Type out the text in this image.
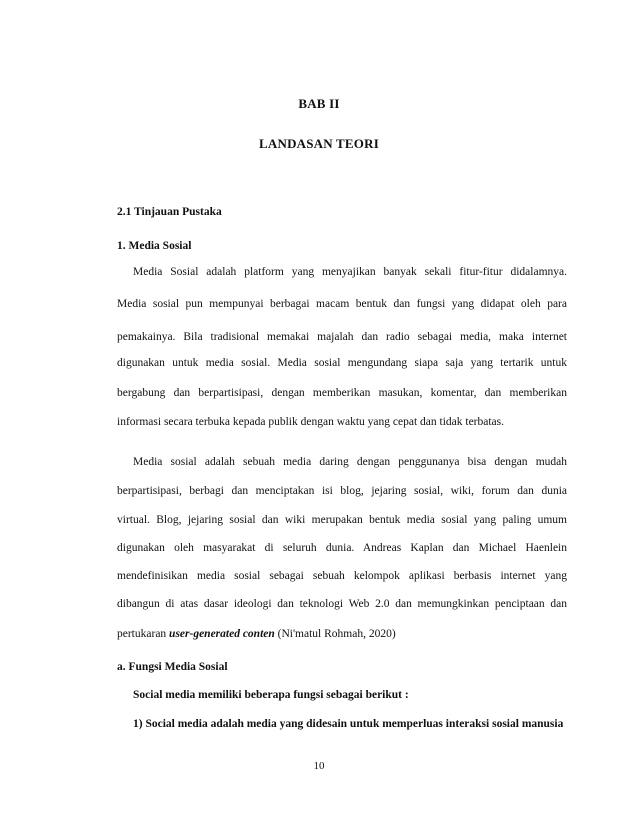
BAB II
LANDASAN TEORI
2.1 Tinjauan Pustaka
1. Media Sosial
Media Sosial adalah platform yang menyajikan banyak sekali fitur-fitur didalamnya.
Media sosial pun mempunyai berbagai macam bentuk dan fungsi yang didapat oleh para
pemakainya. Bila tradisional memakai majalah dan radio sebagai media, maka internet
digunakan untuk media sosial. Media sosial mengundang siapa saja yang tertarik untuk
bergabung dan berpartisipasi, dengan memberikan masukan, komentar, dan memberikan
informasi secara terbuka kepada publik dengan waktu yang cepat dan tidak terbatas.
Media sosial adalah sebuah media daring dengan penggunanya bisa dengan mudah
berpartisipasi, berbagi dan menciptakan isi blog, jejaring sosial, wiki, forum dan dunia
virtual. Blog, jejaring sosial dan wiki merupakan bentuk media sosial yang paling umum
digunakan oleh masyarakat di seluruh dunia. Andreas Kaplan dan Michael Haenlein
mendefinisikan media sosial sebagai sebuah kelompok aplikasi berbasis internet yang
dibangun di atas dasar ideologi dan teknologi Web 2.0 dan memungkinkan penciptaan dan
pertukaran user-generated conten (Ni'matul Rohmah, 2020)
a. Fungsi Media Sosial
Social media memiliki beberapa fungsi sebagai berikut :
1) Social media adalah media yang didesain untuk memperluas interaksi sosial manusia
10
